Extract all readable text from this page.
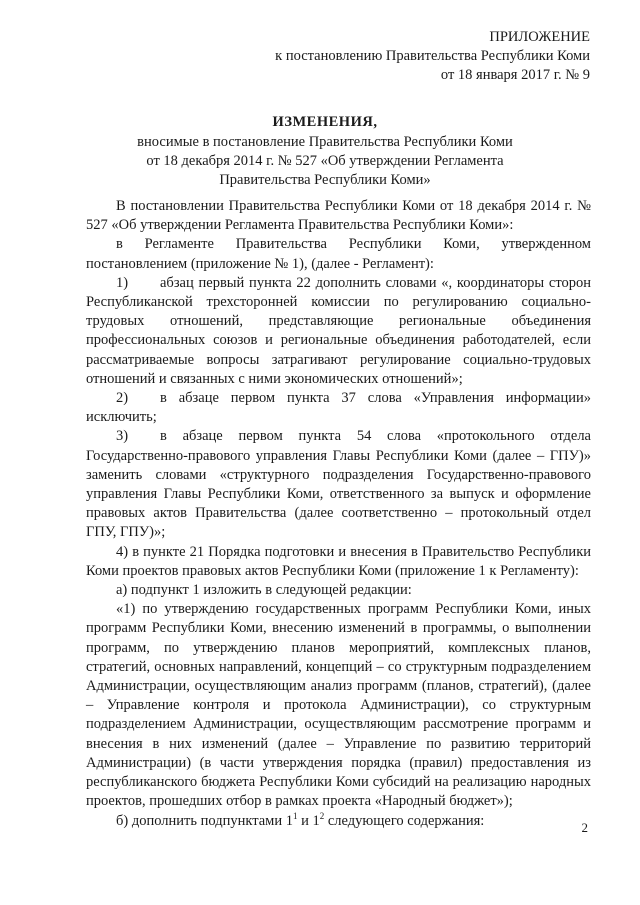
ПРИЛОЖЕНИЕ
к постановлению Правительства Республики Коми
от 18 января 2017 г. № 9
ИЗМЕНЕНИЯ,
вносимые в постановление Правительства Республики Коми
от 18 декабря 2014 г. № 527 «Об утверждении Регламента
Правительства Республики Коми»

В постановлении Правительства Республики Коми от 18 декабря 2014 г. № 527 «Об утверждении Регламента Правительства Республики Коми»:

в Регламенте Правительства Республики Коми, утвержденном постановлением (приложение № 1), (далее - Регламент):

1) абзац первый пункта 22 дополнить словами «, координаторы сторон Республиканской трехсторонней комиссии по регулированию социально-трудовых отношений, представляющие региональные объединения профессиональных союзов и региональные объединения работодателей, если рассматриваемые вопросы затрагивают регулирование социально-трудовых отношений и связанных с ними экономических отношений»;

2) в абзаце первом пункта 37 слова «Управления информации» исключить;

3) в абзаце первом пункта 54 слова «протокольного отдела Государственно-правового управления Главы Республики Коми (далее – ГПУ)» заменить словами «структурного подразделения Государственно-правового управления Главы Республики Коми, ответственного за выпуск и оформление правовых актов Правительства (далее соответственно – протокольный отдел ГПУ, ГПУ)»;

4) в пункте 21 Порядка подготовки и внесения в Правительство Республики Коми проектов правовых актов Республики Коми (приложение 1 к Регламенту):

а) подпункт 1 изложить в следующей редакции:

«1) по утверждению государственных программ Республики Коми, иных программ Республики Коми, внесению изменений в программы, о выполнении программ, по утверждению планов мероприятий, комплексных планов, стратегий, основных направлений, концепций – со структурным подразделением Администрации, осуществляющим анализ программ (планов, стратегий), (далее – Управление контроля и протокола Администрации), со структурным подразделением Администрации, осуществляющим рассмотрение программ и внесения в них изменений (далее – Управление по развитию территорий Администрации) (в части утверждения порядка (правил) предоставления из республиканского бюджета Республики Коми субсидий на реализацию народных проектов, прошедших отбор в рамках проекта «Народный бюджет»);

б) дополнить подпунктами $1^1$ и $1^2$ следующего содержания:	2
